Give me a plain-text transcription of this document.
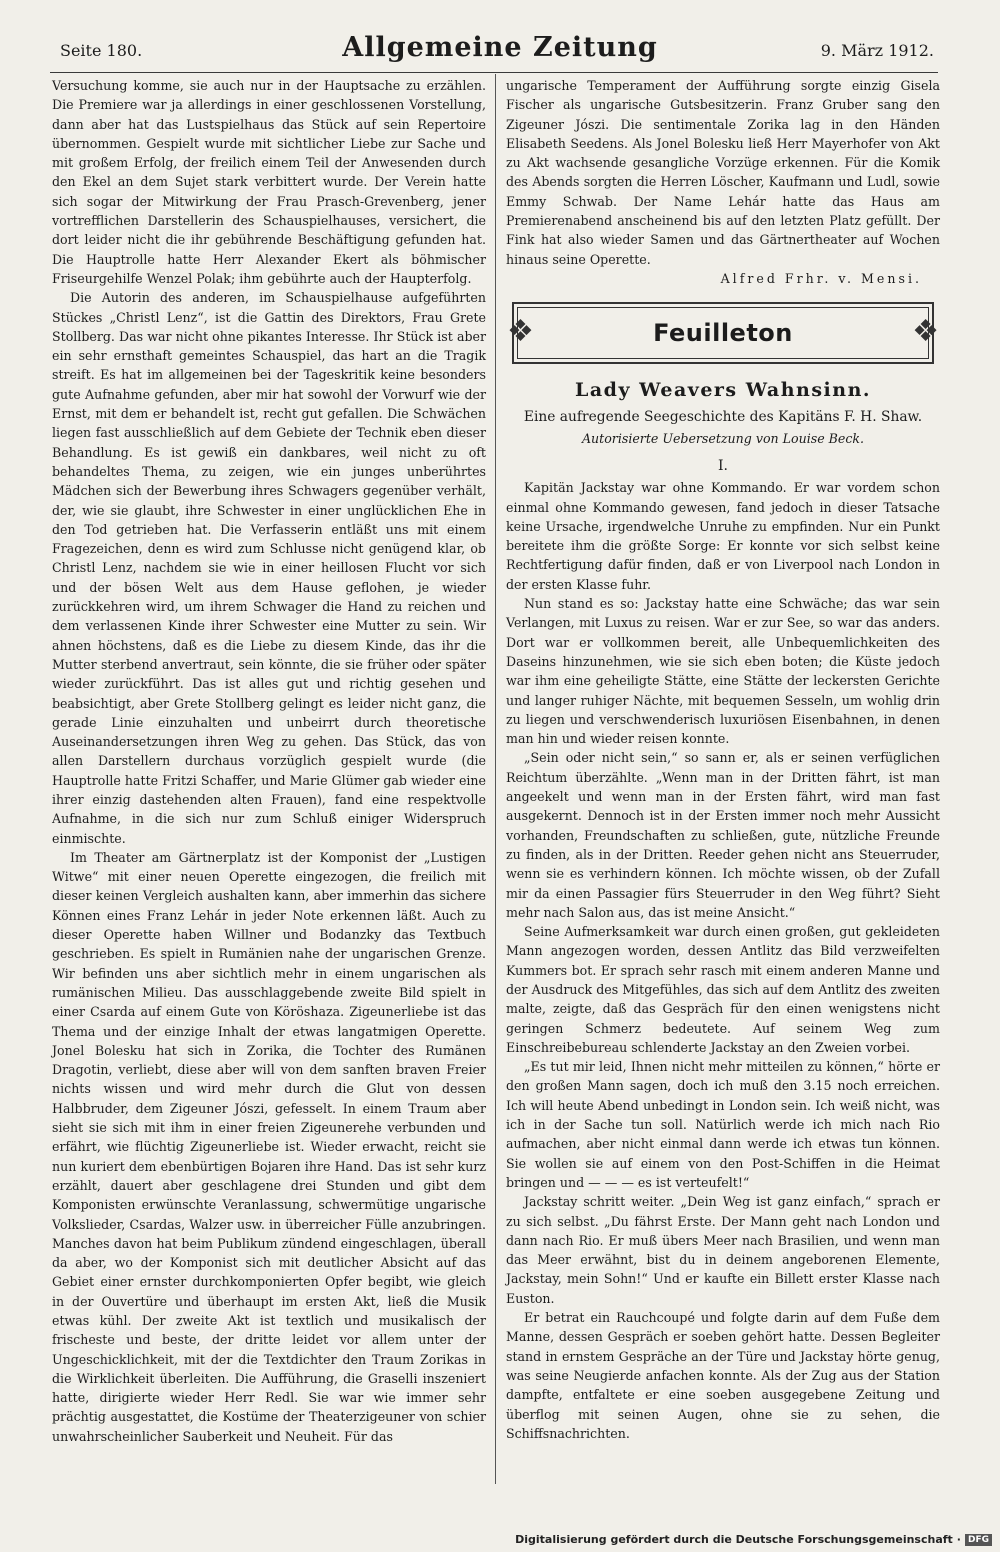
Seite 180.	Allgemeine Zeitung	9. März 1912.

Versuchung komme, sie auch nur in der Hauptsache zu erzählen. Die Premiere war ja allerdings in einer geschlossenen Vorstellung, dann aber hat das Lustspielhaus das Stück auf sein Repertoire übernommen. Gespielt wurde mit sichtlicher Liebe zur Sache und mit großem Erfolg, der freilich einem Teil der Anwesenden durch den Ekel an dem Sujet stark verbittert wurde. Der Verein hatte sich sogar der Mitwirkung der Frau Prasch-Grevenberg, jener vortrefflichen Darstellerin des Schauspielhauses, versichert, die dort leider nicht die ihr gebührende Beschäftigung gefunden hat. Die Hauptrolle hatte Herr Alexander Ekert als böhmischer Friseurgehilfe Wenzel Polak; ihm gebührte auch der Haupterfolg.

Die Autorin des anderen, im Schauspielhause aufgeführten Stückes „Christl Lenz“, ist die Gattin des Direktors, Frau Grete Stollberg. Das war nicht ohne pikantes Interesse. Ihr Stück ist aber ein sehr ernsthaft gemeintes Schauspiel, das hart an die Tragik streift. Es hat im allgemeinen bei der Tageskritik keine besonders gute Aufnahme gefunden, aber mir hat sowohl der Vorwurf wie der Ernst, mit dem er behandelt ist, recht gut gefallen. Die Schwächen liegen fast ausschließlich auf dem Gebiete der Technik eben dieser Behandlung. Es ist gewiß ein dankbares, weil nicht zu oft behandeltes Thema, zu zeigen, wie ein junges unberührtes Mädchen sich der Bewerbung ihres Schwagers gegenüber verhält, der, wie sie glaubt, ihre Schwester in einer unglücklichen Ehe in den Tod getrieben hat. Die Verfasserin entläßt uns mit einem Fragezeichen, denn es wird zum Schlusse nicht genügend klar, ob Christl Lenz, nachdem sie wie in einer heillosen Flucht vor sich und der bösen Welt aus dem Hause geflohen, je wieder zurückkehren wird, um ihrem Schwager die Hand zu reichen und dem verlassenen Kinde ihrer Schwester eine Mutter zu sein. Wir ahnen höchstens, daß es die Liebe zu diesem Kinde, das ihr die Mutter sterbend anvertraut, sein könnte, die sie früher oder später wieder zurückführt. Das ist alles gut und richtig gesehen und beabsichtigt, aber Grete Stollberg gelingt es leider nicht ganz, die gerade Linie einzuhalten und unbeirrt durch theoretische Auseinandersetzungen ihren Weg zu gehen. Das Stück, das von allen Darstellern durchaus vorzüglich gespielt wurde (die Hauptrolle hatte Fritzi Schaffer, und Marie Glümer gab wieder eine ihrer einzig dastehenden alten Frauen), fand eine respektvolle Aufnahme, in die sich nur zum Schluß einiger Widerspruch einmischte.

Im Theater am Gärtnerplatz ist der Komponist der „Lustigen Witwe“ mit einer neuen Operette eingezogen, die freilich mit dieser keinen Vergleich aushalten kann, aber immerhin das sichere Können eines Franz Lehár in jeder Note erkennen läßt. Auch zu dieser Operette haben Willner und Bodanzky das Textbuch geschrieben. Es spielt in Rumänien nahe der ungarischen Grenze. Wir befinden uns aber sichtlich mehr in einem ungarischen als rumänischen Milieu. Das ausschlaggebende zweite Bild spielt in einer Csarda auf einem Gute von Köröshaza. Zigeunerliebe ist das Thema und der einzige Inhalt der etwas langatmigen Operette. Jonel Bolesku hat sich in Zorika, die Tochter des Rumänen Dragotin, verliebt, diese aber will von dem sanften braven Freier nichts wissen und wird mehr durch die Glut von dessen Halbbruder, dem Zigeuner Jószi, gefesselt. In einem Traum aber sieht sie sich mit ihm in einer freien Zigeunerehe verbunden und erfährt, wie flüchtig Zigeunerliebe ist. Wieder erwacht, reicht sie nun kuriert dem ebenbürtigen Bojaren ihre Hand. Das ist sehr kurz erzählt, dauert aber geschlagene drei Stunden und gibt dem Komponisten erwünschte Veranlassung, schwermütige ungarische Volkslieder, Csardas, Walzer usw. in überreicher Fülle anzubringen. Manches davon hat beim Publikum zündend eingeschlagen, überall da aber, wo der Komponist sich mit deutlicher Absicht auf das Gebiet einer ernster durchkomponierten Opfer begibt, wie gleich in der Ouvertüre und überhaupt im ersten Akt, ließ die Musik etwas kühl. Der zweite Akt ist textlich und musikalisch der frischeste und beste, der dritte leidet vor allem unter der Ungeschicklichkeit, mit der die Textdichter den Traum Zorikas in die Wirklichkeit überleiten. Die Aufführung, die Graselli inszeniert hatte, dirigierte wieder Herr Redl. Sie war wie immer sehr prächtig ausgestattet, die Kostüme der Theaterzigeuner von schier unwahrscheinlicher Sauberkeit und Neuheit. Für das

ungarische Temperament der Aufführung sorgte einzig Gisela Fischer als ungarische Gutsbesitzerin. Franz Gruber sang den Zigeuner Jószi. Die sentimentale Zorika lag in den Händen Elisabeth Seedens. Als Jonel Bolesku ließ Herr Mayerhofer von Akt zu Akt wachsende gesangliche Vorzüge erkennen. Für die Komik des Abends sorgten die Herren Löscher, Kaufmann und Ludl, sowie Emmy Schwab. Der Name Lehár hatte das Haus am Premierenabend anscheinend bis auf den letzten Platz gefüllt. Der Fink hat also wieder Samen und das Gärtnertheater auf Wochen hinaus seine Operette.

Alfred Frhr. v. Mensi.

❖	Feuilleton	❖
Lady Weavers Wahnsinn.
Eine aufregende Seegeschichte des Kapitäns F. H. Shaw.
Autorisierte Uebersetzung von Louise Beck.
I.

Kapitän Jackstay war ohne Kommando. Er war vordem schon einmal ohne Kommando gewesen, fand jedoch in dieser Tatsache keine Ursache, irgendwelche Unruhe zu empfinden. Nur ein Punkt bereitete ihm die größte Sorge: Er konnte vor sich selbst keine Rechtfertigung dafür finden, daß er von Liverpool nach London in der ersten Klasse fuhr.

Nun stand es so: Jackstay hatte eine Schwäche; das war sein Verlangen, mit Luxus zu reisen. War er zur See, so war das anders. Dort war er vollkommen bereit, alle Unbequemlichkeiten des Daseins hinzunehmen, wie sie sich eben boten; die Küste jedoch war ihm eine geheiligte Stätte, eine Stätte der leckersten Gerichte und langer ruhiger Nächte, mit bequemen Sesseln, um wohlig drin zu liegen und verschwenderisch luxuriösen Eisenbahnen, in denen man hin und wieder reisen konnte.

„Sein oder nicht sein,“ so sann er, als er seinen verfüglichen Reichtum überzählte. „Wenn man in der Dritten fährt, ist man angeekelt und wenn man in der Ersten fährt, wird man fast ausgekernt. Dennoch ist in der Ersten immer noch mehr Aussicht vorhanden, Freundschaften zu schließen, gute, nützliche Freunde zu finden, als in der Dritten. Reeder gehen nicht ans Steuerruder, wenn sie es verhindern können. Ich möchte wissen, ob der Zufall mir da einen Passagier fürs Steuerruder in den Weg führt? Sieht mehr nach Salon aus, das ist meine Ansicht.“

Seine Aufmerksamkeit war durch einen großen, gut gekleideten Mann angezogen worden, dessen Antlitz das Bild verzweifelten Kummers bot. Er sprach sehr rasch mit einem anderen Manne und der Ausdruck des Mitgefühles, das sich auf dem Antlitz des zweiten malte, zeigte, daß das Gespräch für den einen wenigstens nicht geringen Schmerz bedeutete. Auf seinem Weg zum Einschreibebureau schlenderte Jackstay an den Zweien vorbei.

„Es tut mir leid, Ihnen nicht mehr mitteilen zu können,“ hörte er den großen Mann sagen, doch ich muß den 3.15 noch erreichen. Ich will heute Abend unbedingt in London sein. Ich weiß nicht, was ich in der Sache tun soll. Natürlich werde ich mich nach Rio aufmachen, aber nicht einmal dann werde ich etwas tun können. Sie wollen sie auf einem von den Post-Schiffen in die Heimat bringen und — — — es ist verteufelt!“

Jackstay schritt weiter. „Dein Weg ist ganz einfach,“ sprach er zu sich selbst. „Du fährst Erste. Der Mann geht nach London und dann nach Rio. Er muß übers Meer nach Brasilien, und wenn man das Meer erwähnt, bist du in deinem angeborenen Elemente, Jackstay, mein Sohn!“ Und er kaufte ein Billett erster Klasse nach Euston.

Er betrat ein Rauchcoupé und folgte darin auf dem Fuße dem Manne, dessen Gespräch er soeben gehört hatte. Dessen Begleiter stand in ernstem Gespräche an der Türe und Jackstay hörte genug, was seine Neugierde anfachen konnte. Als der Zug aus der Station dampfte, entfaltete er eine soeben ausgegebene Zeitung und überflog mit seinen Augen, ohne sie zu sehen, die Schiffsnachrichten.

Digitalisierung gefördert durch die Deutsche Forschungsgemeinschaft · DFG
